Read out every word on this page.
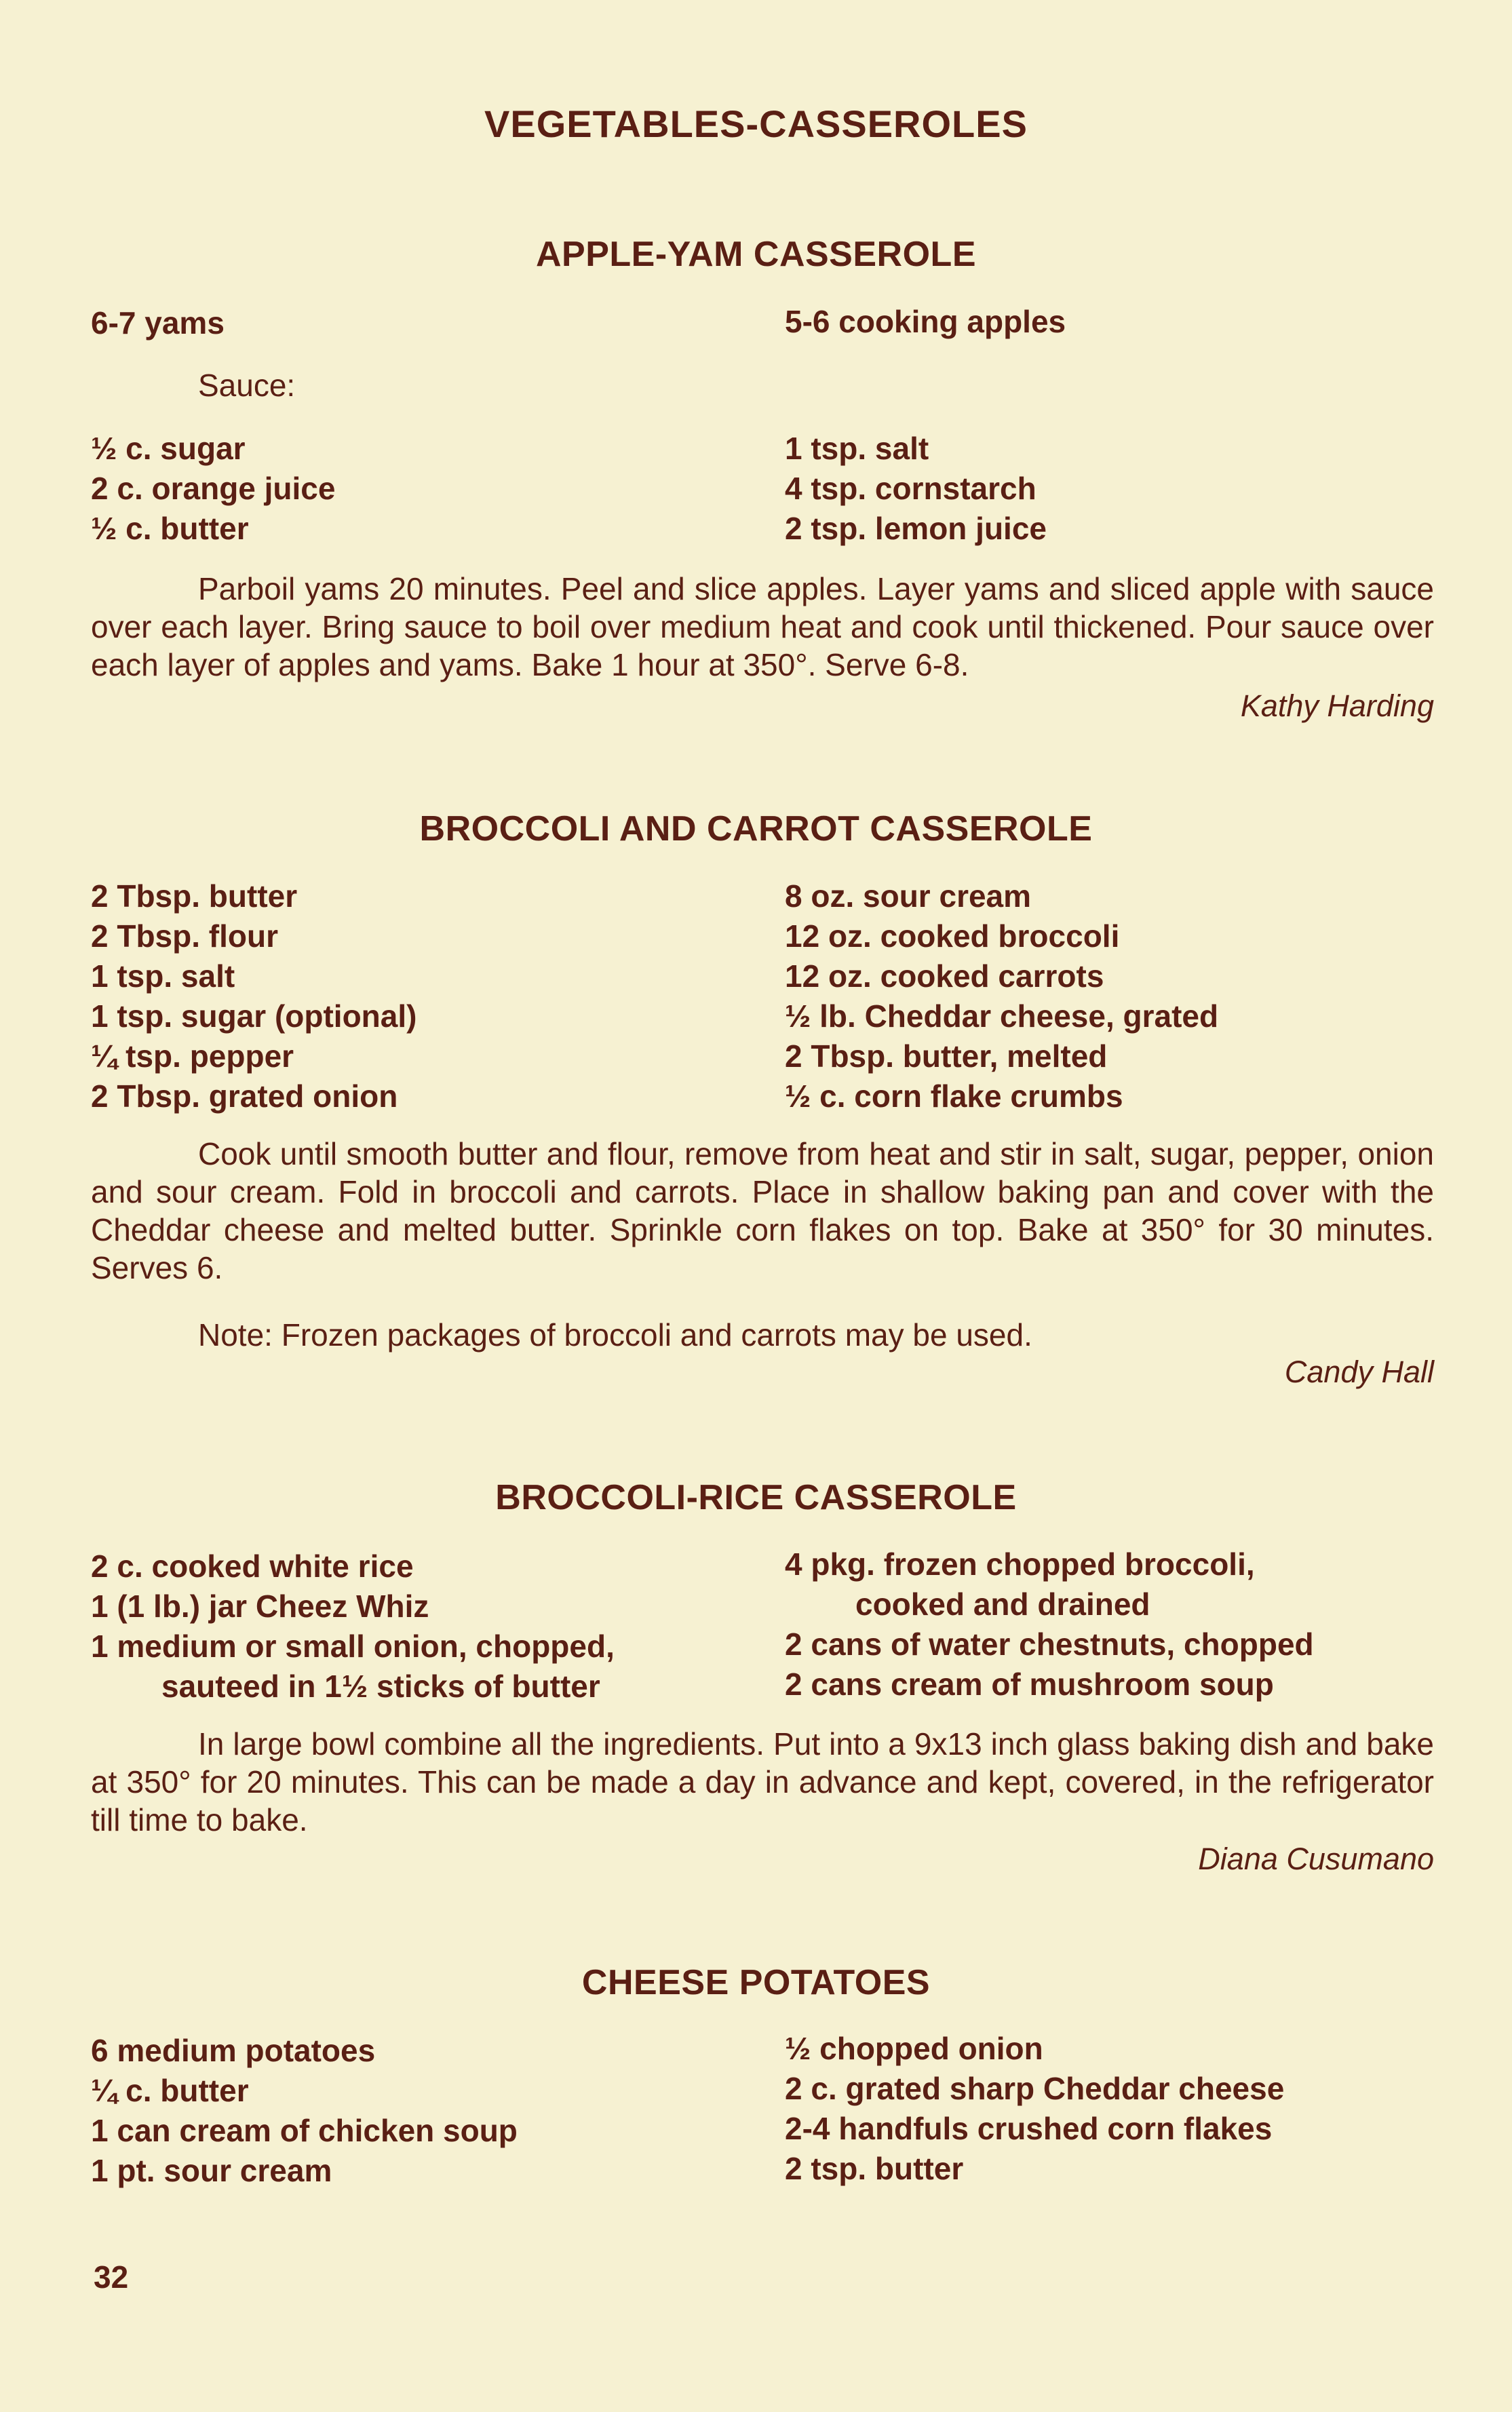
VEGETABLES-CASSEROLES
APPLE-YAM CASSEROLE
6-7 yams	5-6 cooking apples
Sauce:
½ c. sugar
2 c. orange juice
½ c. butter
1 tsp. salt
4 tsp. cornstarch
2 tsp. lemon juice
Parboil yams 20 minutes. Peel and slice apples. Layer yams and sliced apple with sauce over each layer. Bring sauce to boil over medium heat and cook until thickened. Pour sauce over each layer of apples and yams. Bake 1 hour at 350°. Serve 6-8.
Kathy Harding
BROCCOLI AND CARROT CASSEROLE
2 Tbsp. butter
2 Tbsp. flour
1 tsp. salt
1 tsp. sugar (optional)
¼ tsp. pepper
2 Tbsp. grated onion
8 oz. sour cream
12 oz. cooked broccoli
12 oz. cooked carrots
½ lb. Cheddar cheese, grated
2 Tbsp. butter, melted
½ c. corn flake crumbs
Cook until smooth butter and flour, remove from heat and stir in salt, sugar, pepper, onion and sour cream. Fold in broccoli and carrots. Place in shallow baking pan and cover with the Cheddar cheese and melted butter. Sprinkle corn flakes on top. Bake at 350° for 30 minutes. Serves 6.
Note: Frozen packages of broccoli and carrots may be used.
Candy Hall
BROCCOLI-RICE CASSEROLE
2 c. cooked white rice
1 (1 lb.) jar Cheez Whiz
1 medium or small onion, chopped,
sauteed in 1½ sticks of butter
4 pkg. frozen chopped broccoli,
cooked and drained
2 cans of water chestnuts, chopped
2 cans cream of mushroom soup
In large bowl combine all the ingredients. Put into a 9x13 inch glass baking dish and bake at 350° for 20 minutes. This can be made a day in advance and kept, covered, in the refrigerator till time to bake.
Diana Cusumano
CHEESE POTATOES
6 medium potatoes
¼ c. butter
1 can cream of chicken soup
1 pt. sour cream
½ chopped onion
2 c. grated sharp Cheddar cheese
2-4 handfuls crushed corn flakes
2 tsp. butter
32
